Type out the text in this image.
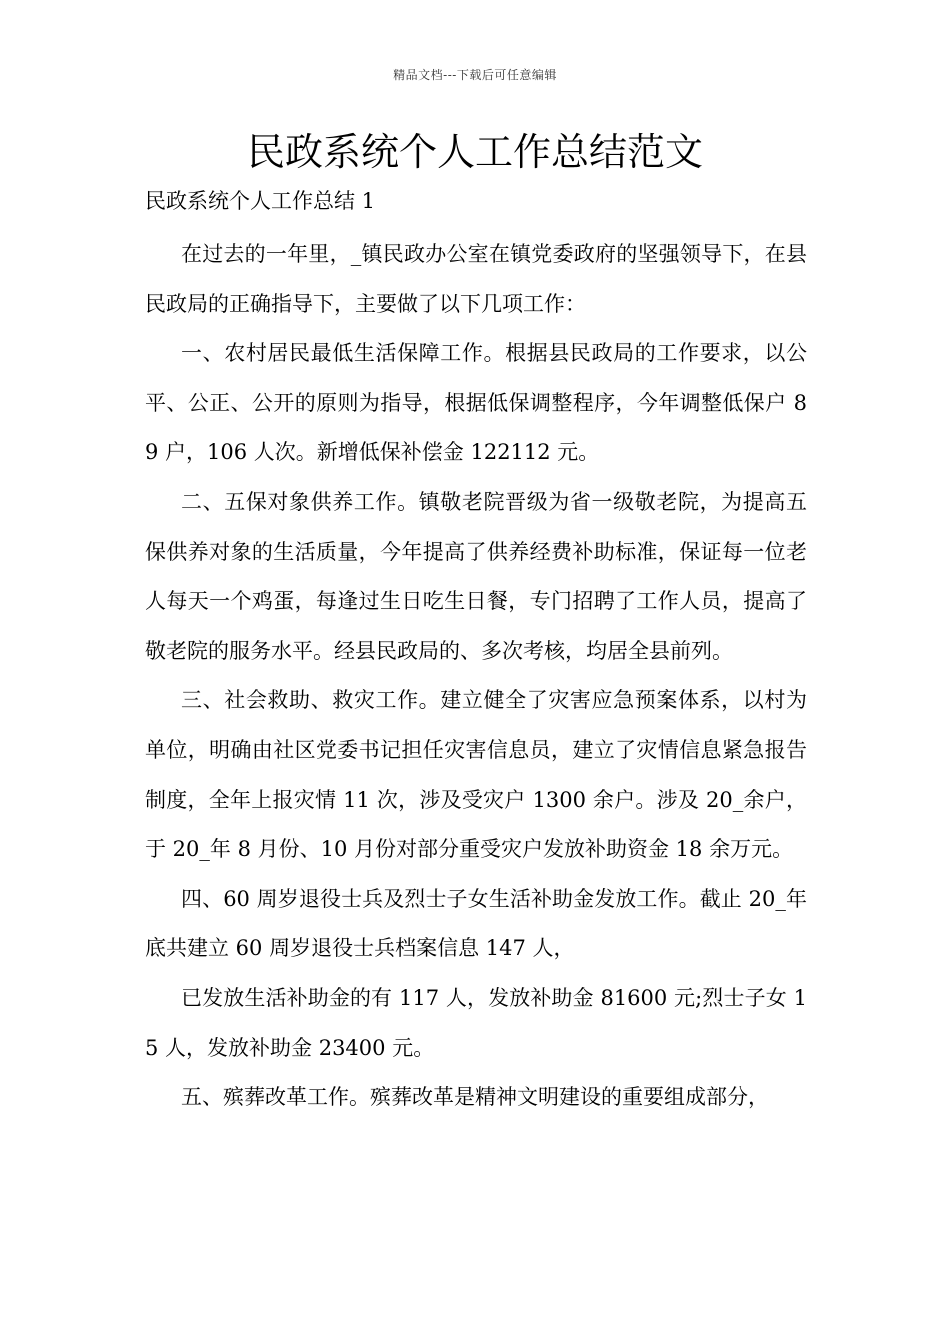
精品文档---下载后可任意编辑
民政系统个人工作总结范文
民政系统个人工作总结 1

在过去的一年里，_镇民政办公室在镇党委政府的坚强领导下，在县民政局的正确指导下，主要做了以下几项工作：

一、农村居民最低生活保障工作。根据县民政局的工作要求，以公平、公正、公开的原则为指导，根据低保调整程序，今年调整低保户 89 户，106 人次。新增低保补偿金 122112 元。

二、五保对象供养工作。镇敬老院晋级为省一级敬老院，为提高五保供养对象的生活质量，今年提高了供养经费补助标准，保证每一位老人每天一个鸡蛋，每逢过生日吃生日餐，专门招聘了工作人员，提高了敬老院的服务水平。经县民政局的、多次考核，均居全县前列。

三、社会救助、救灾工作。建立健全了灾害应急预案体系，以村为单位，明确由社区党委书记担任灾害信息员，建立了灾情信息紧急报告制度，全年上报灾情 11 次，涉及受灾户 1300 余户。涉及 20_余户，于 20_年 8 月份、10 月份对部分重受灾户发放补助资金 18 余万元。

四、60 周岁退役士兵及烈士子女生活补助金发放工作。截止 20_年底共建立 60 周岁退役士兵档案信息 147 人，

已发放生活补助金的有 117 人，发放补助金 81600 元;烈士子女 15 人，发放补助金 23400 元。

五、殡葬改革工作。殡葬改革是精神文明建设的重要组成部分，
